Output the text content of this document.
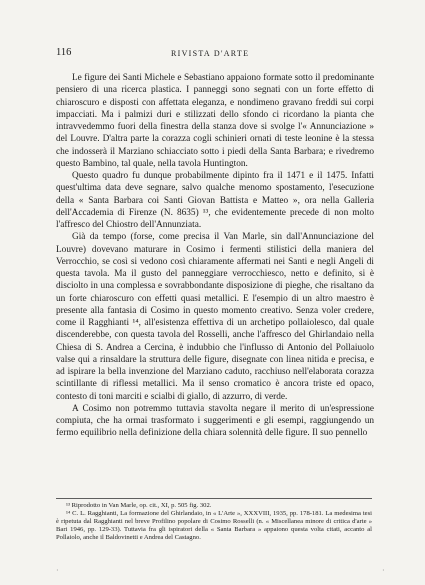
116	RIVISTA D'ARTE

Le figure dei Santi Michele e Sebastiano appaiono formate sotto il predominante pensiero di una ricerca plastica. I panneggi sono segnati con un forte effetto di chiaroscuro e disposti con affettata eleganza, e nondimeno gravano freddi sui corpi impacciati. Ma i palmizi duri e stilizzati dello sfondo ci ricordano la pianta che intravvedemmo fuori della finestra della stanza dove si svolge l'« Annunciazione » del Louvre. D'altra parte la corazza cogli schinieri ornati di teste leonine è la stessa che indosserà il Marziano schiacciato sotto i piedi della Santa Barbara; e rivedremo questo Bambino, tal quale, nella tavola Huntington.

Questo quadro fu dunque probabilmente dipinto fra il 1471 e il 1475. Infatti quest'ultima data deve segnare, salvo qualche menomo spostamento, l'esecuzione della « Santa Barbara coi Santi Giovan Battista e Matteo », ora nella Galleria dell'Accademia di Firenze (N. 8635) ¹³, che evidentemente precede di non molto l'affresco del Chiostro dell'Annunziata.

Già da tempo (forse, come precisa il Van Marle, sin dall'Annunciazione del Louvre) dovevano maturare in Cosimo i fermenti stilistici della maniera del Verrocchio, se così si vedono così chiaramente affermati nei Santi e negli Angeli di questa tavola. Ma il gusto del panneggiare verrocchiesco, netto e definito, si è disciolto in una complessa e sovrabbondante disposizione di pieghe, che risaltano da un forte chiaroscuro con effetti quasi metallici. E l'esempio di un altro maestro è presente alla fantasia di Cosimo in questo momento creativo. Senza voler credere, come il Ragghianti ¹⁴, all'esistenza effettiva di un archetipo pollaiolesco, dal quale discenderebbe, con questa tavola del Rosselli, anche l'affresco del Ghirlandaio nella Chiesa di S. Andrea a Cercina, è indubbio che l'influsso di Antonio del Pollaiuolo valse qui a rinsaldare la struttura delle figure, disegnate con linea nitida e precisa, e ad ispirare la bella invenzione del Marziano caduto, racchiuso nell'elaborata corazza scintillante di riflessi metallici. Ma il senso cromatico è ancora triste ed opaco, contesto di toni marciti e scialbi di giallo, di azzurro, di verde.

A Cosimo non potremmo tuttavia stavolta negare il merito di un'espressione compiuta, che ha ormai trasformato i suggerimenti e gli esempi, raggiungendo un fermo equilibrio nella definizione della chiara solennità delle figure. Il suo pennello

¹³ Riprodotto in Van Marle, op. cit., XI, p. 505 fig. 302.

¹⁴ C. L. Ragghianti, La formazione del Ghirlandaio, in « L'Arte », XXXVIII, 1935, pp. 178-181. La medesima tesi è ripetuta dal Ragghianti nel breve Profilino popolare di Cosimo Rosselli (n. « Miscellanea minore di critica d'arte » Bari 1946, pp. 129-33). Tuttavia fra gli ispiratori della « Santa Barbara » appaiono questa volta citati, accanto al Pollaiolo, anche il Baldovinetti e Andrea del Castagno.

·	·
